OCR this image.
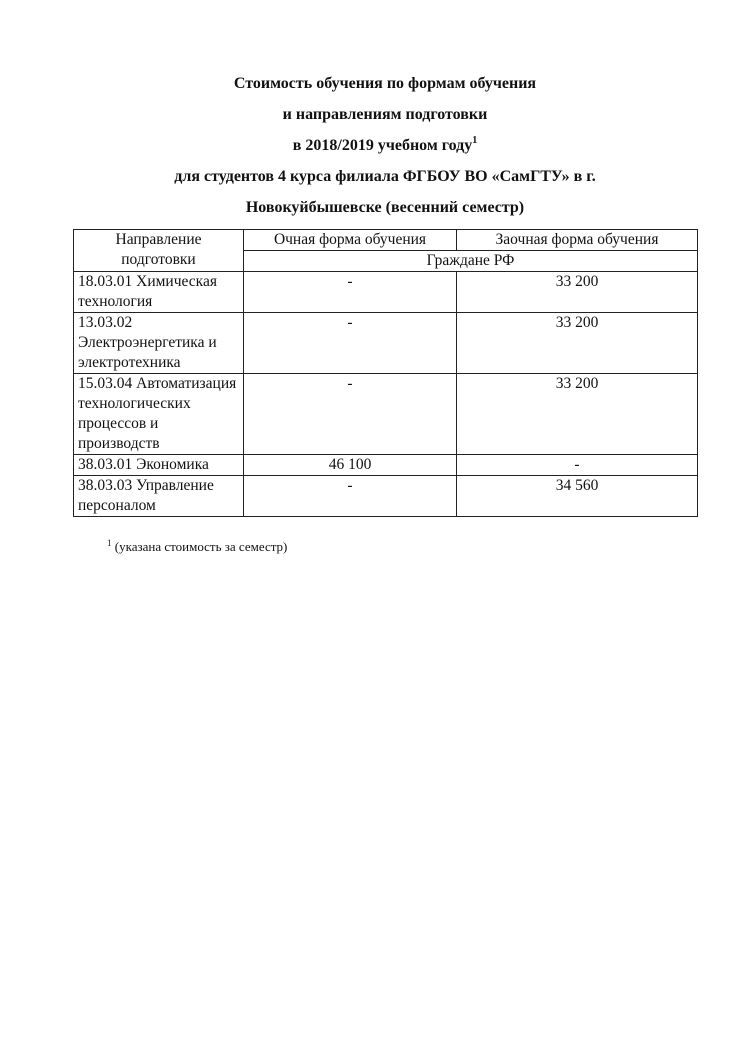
Стоимость обучения по формам обучения
и направлениям подготовки
в 2018/2019 учебном году$^1$
для студентов 4 курса филиала ФГБОУ ВО «СамГТУ» в г.
Новокуйбышевске (весенний семестр)
Направление подготовки	Очная форма обучения	Заочная форма обучения
	Граждане РФ	
18.03.01 Химическая технология	-	33 200
13.03.02 Электроэнергетика и электротехника	-	33 200
15.03.04 Автоматизация технологических процессов и производств	-	33 200
38.03.01 Экономика	46 100	-
38.03.03 Управление персоналом	-	34 560
$^1$ (указана стоимость за семестр)
